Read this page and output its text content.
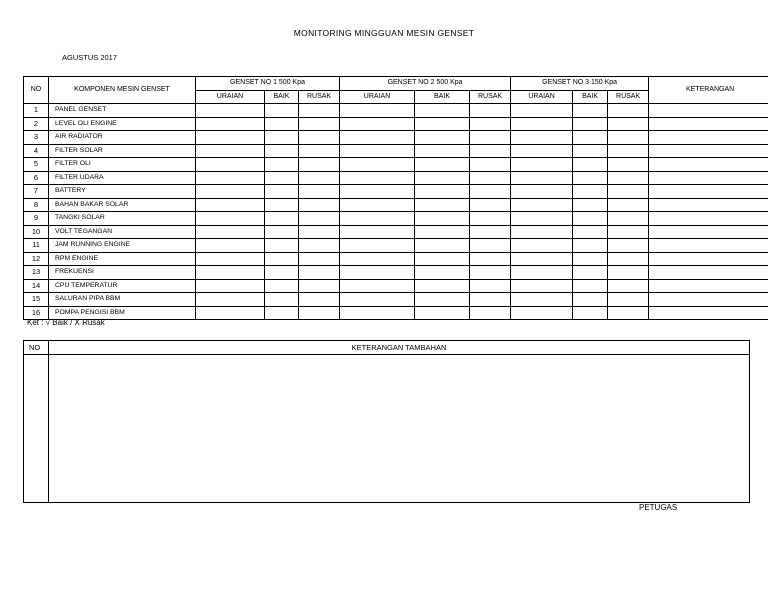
MONITORING MINGGUAN MESIN GENSET
AGUSTUS 2017
NO	KOMPONEN MESIN GENSET	GENSET NO 1 500 Kpa			GENSET NO 2 500 Kpa			GENSET NO 3 150 Kpa			KETERANGAN
		URAIAN	BAIK	RUSAK	URAIAN	BAIK	RUSAK	URAIAN	BAIK	RUSAK	
1	PANEL GENSET										
2	LEVEL OLI ENGINE										
3	AIR RADIATOR										
4	FILTER SOLAR										
5	FILTER OLI										
6	FILTER UDARA										
7	BATTERY										
8	BAHAN BAKAR SOLAR										
9	TANGKI SOLAR										
10	VOLT TEGANGAN										
11	JAM RUNNING ENGINE										
12	RPM ENGINE										
13	FREKUENSI										
14	CPU TEMPERATUR										
15	SALURAN PIPA BBM										
16	POMPA PENGISI BBM										
Ket : √ Baik / X Rusak
NO	KETERANGAN TAMBAHAN

PETUGAS
